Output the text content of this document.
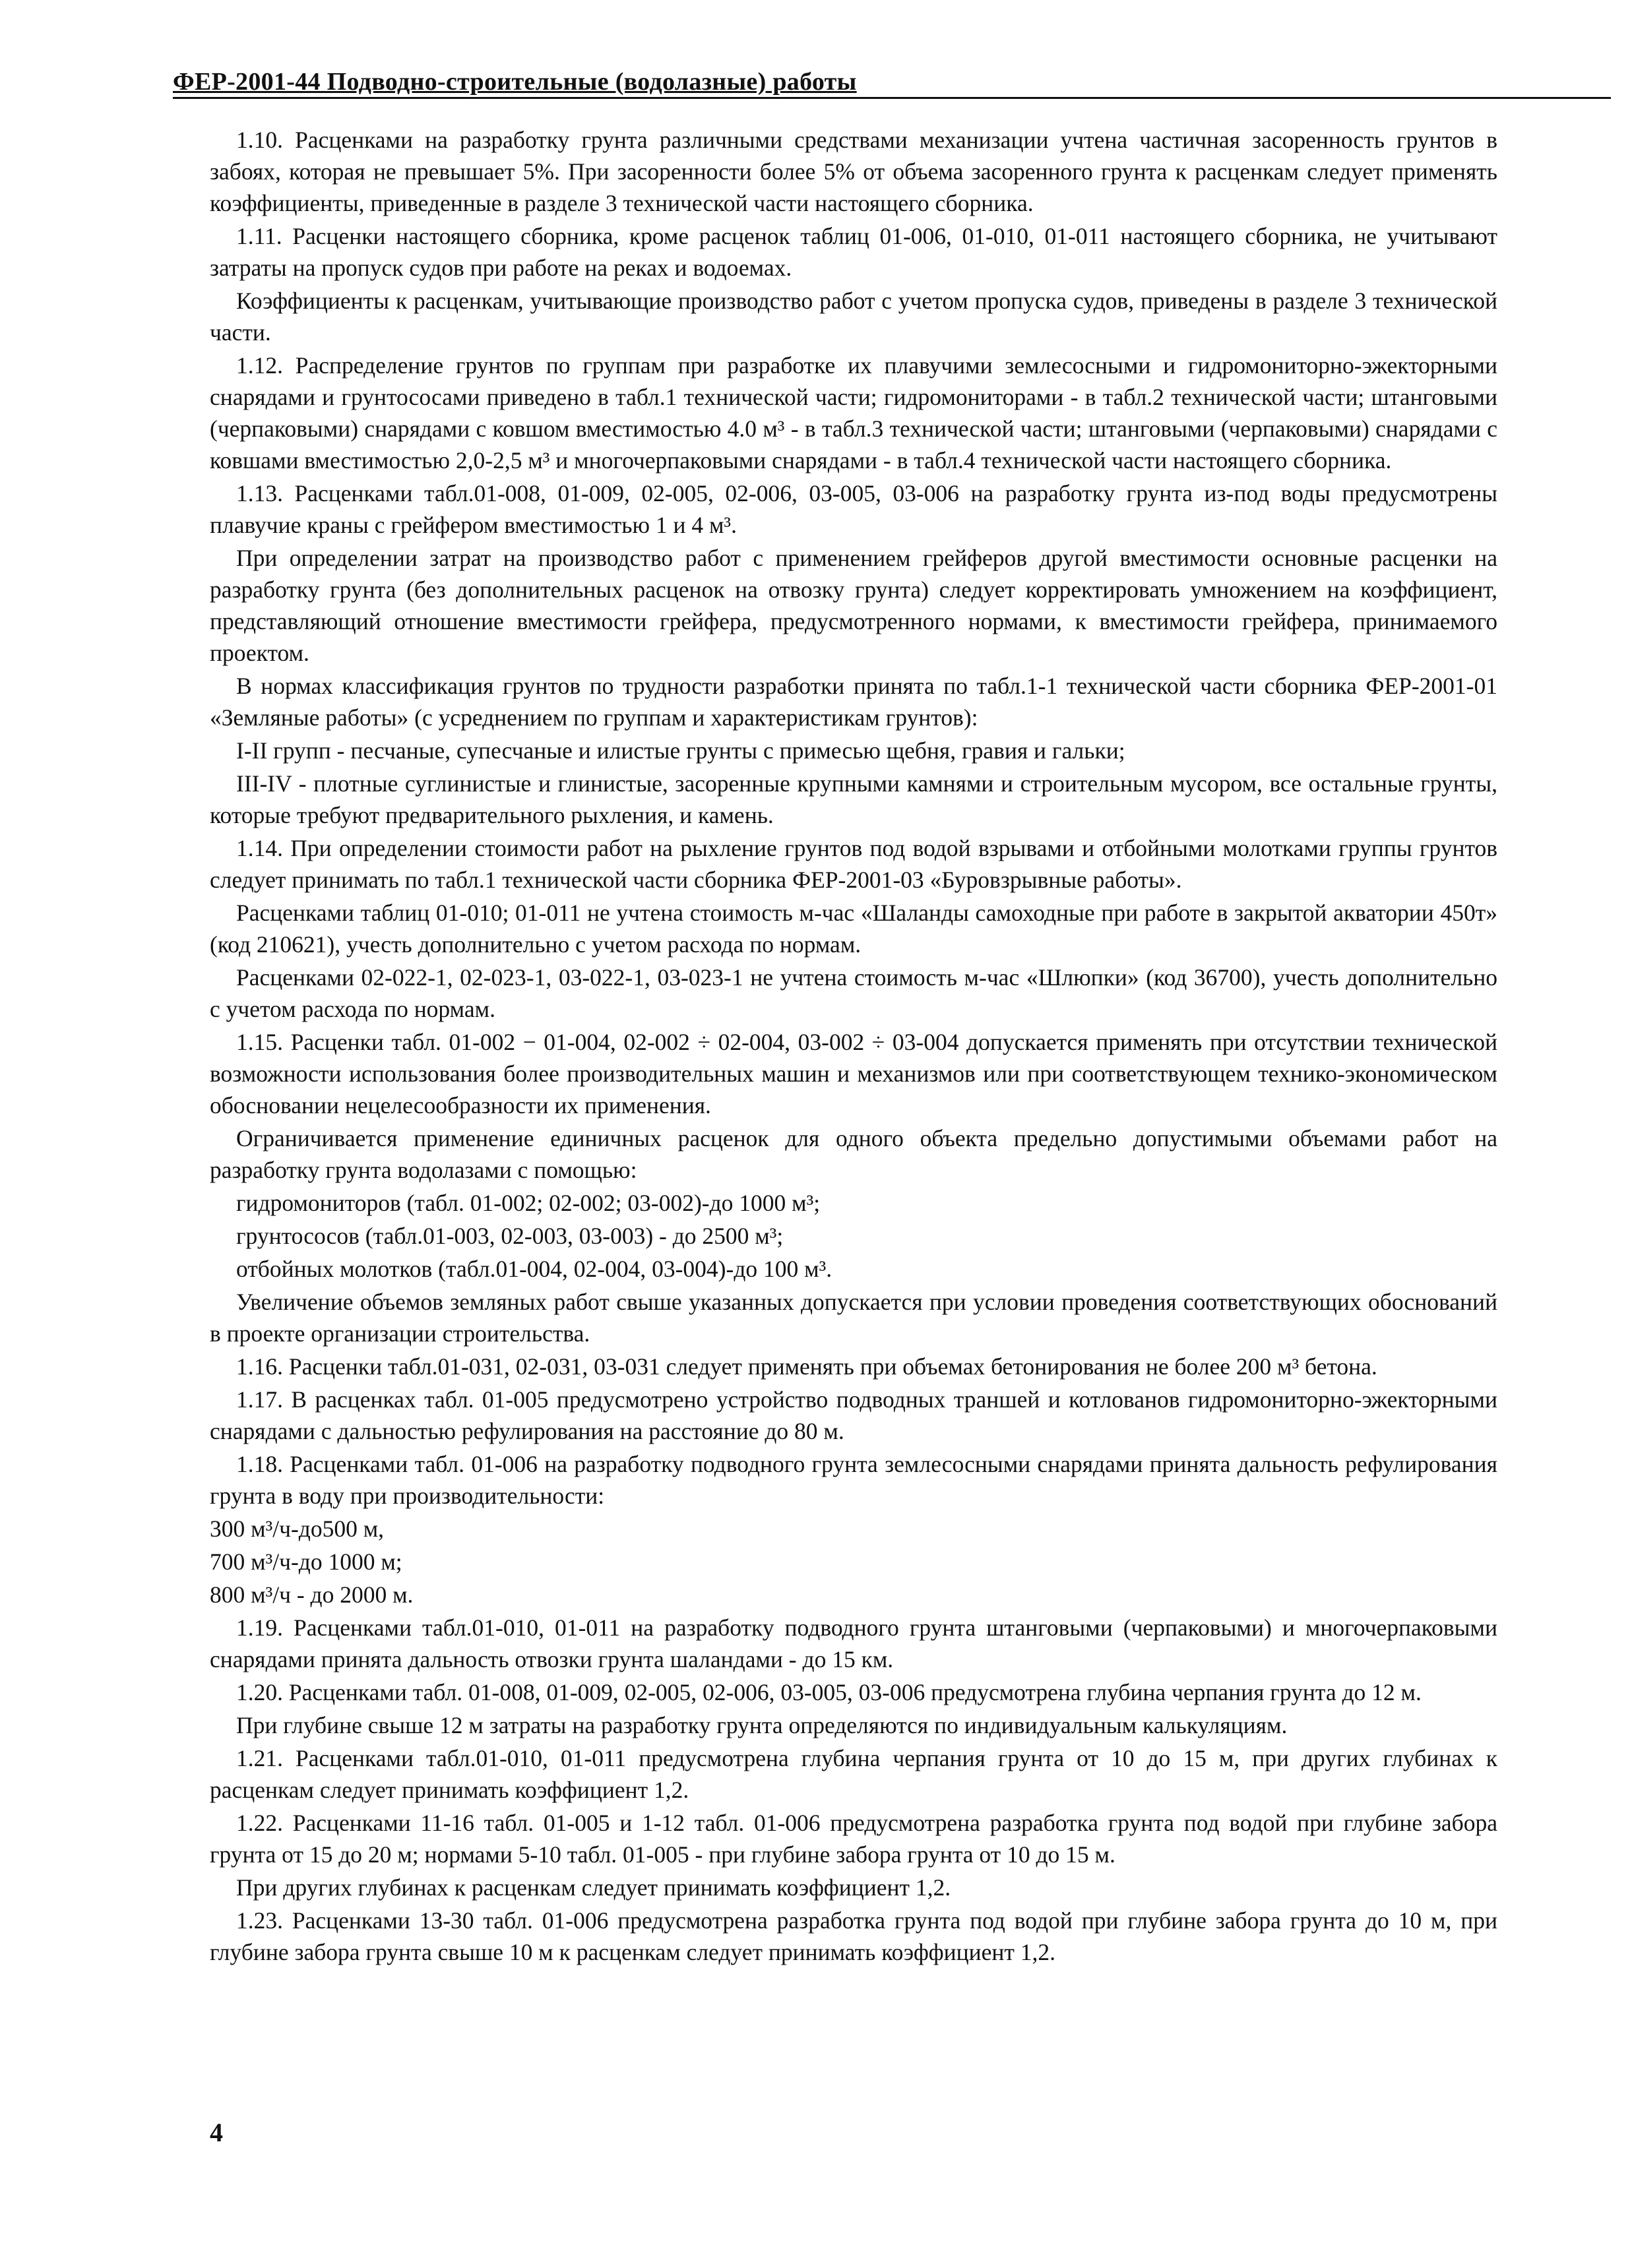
ФЕР-2001-44 Подводно-строительные (водолазные) работы

1.10. Расценками на разработку грунта различными средствами механизации учтена частичная засоренность грунтов в забоях, которая не превышает 5%. При засоренности более 5% от объема засоренного грунта к расценкам следует применять коэффициенты, приведенные в разделе 3 технической части настоящего сборника.

1.11. Расценки настоящего сборника, кроме расценок таблиц 01-006, 01-010, 01-011 настоящего сборника, не учитывают затраты на пропуск судов при работе на реках и водоемах.

Коэффициенты к расценкам, учитывающие производство работ с учетом пропуска судов, приведены в разделе 3 технической части.

1.12. Распределение грунтов по группам при разработке их плавучими землесосными и гидромониторно-эжекторными снарядами и грунтососами приведено в табл.1 технической части; гидромониторами - в табл.2 технической части; штанговыми (черпаковыми) снарядами с ковшом вместимостью 4.0 м³ - в табл.3 технической части; штанговыми (черпаковыми) снарядами с ковшами вместимостью 2,0-2,5 м³ и многочерпаковыми снарядами - в табл.4 технической части настоящего сборника.

1.13. Расценками табл.01-008, 01-009, 02-005, 02-006, 03-005, 03-006 на разработку грунта из-под воды предусмотрены плавучие краны с грейфером вместимостью 1 и 4 м³.

При определении затрат на производство работ с применением грейферов другой вместимости основные расценки на разработку грунта (без дополнительных расценок на отвозку грунта) следует корректировать умножением на коэффициент, представляющий отношение вместимости грейфера, предусмотренного нормами, к вместимости грейфера, принимаемого проектом.

В нормах классификация грунтов по трудности разработки принята по табл.1-1 технической части сборника ФЕР-2001-01 «Земляные работы» (с усреднением по группам и характеристикам грунтов):

I-II групп - песчаные, супесчаные и илистые грунты с примесью щебня, гравия и гальки;

III-IV - плотные суглинистые и глинистые, засоренные крупными камнями и строительным мусором, все остальные грунты, которые требуют предварительного рыхления, и камень.

1.14. При определении стоимости работ на рыхление грунтов под водой взрывами и отбойными молотками группы грунтов следует принимать по табл.1 технической части сборника ФЕР-2001-03 «Буровзрывные работы».

Расценками таблиц 01-010; 01-011 не учтена стоимость м-час «Шаланды самоходные при работе в закрытой акватории 450т» (код 210621), учесть дополнительно с учетом расхода по нормам.

Расценками 02-022-1, 02-023-1, 03-022-1, 03-023-1 не учтена стоимость м-час «Шлюпки» (код 36700), учесть дополнительно с учетом расхода по нормам.

1.15. Расценки табл. 01-002 − 01-004, 02-002 ÷ 02-004, 03-002 ÷ 03-004 допускается применять при отсутствии технической возможности использования более производительных машин и механизмов или при соответствующем технико-экономическом обосновании нецелесообразности их применения.

Ограничивается применение единичных расценок для одного объекта предельно допустимыми объемами работ на разработку грунта водолазами с помощью:

гидромониторов (табл. 01-002; 02-002; 03-002)-до 1000 м³;

грунтососов (табл.01-003, 02-003, 03-003) - до 2500 м³;

отбойных молотков (табл.01-004, 02-004, 03-004)-до 100 м³.

Увеличение объемов земляных работ свыше указанных допускается при условии проведения соответствующих обоснований в проекте организации строительства.

1.16. Расценки табл.01-031, 02-031, 03-031 следует применять при объемах бетонирования не более 200 м³ бетона.

1.17. В расценках табл. 01-005 предусмотрено устройство подводных траншей и котлованов гидромониторно-эжекторными снарядами с дальностью рефулирования на расстояние до 80 м.

1.18. Расценками табл. 01-006 на разработку подводного грунта землесосными снарядами принята дальность рефулирования грунта в воду при производительности:

300 м³/ч-до500 м,

700 м³/ч-до 1000 м;

800 м³/ч - до 2000 м.

1.19. Расценками табл.01-010, 01-011 на разработку подводного грунта штанговыми (черпаковыми) и многочерпаковыми снарядами принята дальность отвозки грунта шаландами - до 15 км.

1.20. Расценками табл. 01-008, 01-009, 02-005, 02-006, 03-005, 03-006 предусмотрена глубина черпания грунта до 12 м.

При глубине свыше 12 м затраты на разработку грунта определяются по индивидуальным калькуляциям.

1.21. Расценками табл.01-010, 01-011 предусмотрена глубина черпания грунта от 10 до 15 м, при других глубинах к расценкам следует принимать коэффициент 1,2.

1.22. Расценками 11-16 табл. 01-005 и 1-12 табл. 01-006 предусмотрена разработка грунта под водой при глубине забора грунта от 15 до 20 м; нормами 5-10 табл. 01-005 - при глубине забора грунта от 10 до 15 м.

При других глубинах к расценкам следует принимать коэффициент 1,2.

1.23. Расценками 13-30 табл. 01-006 предусмотрена разработка грунта под водой при глубине забора грунта до 10 м, при глубине забора грунта свыше 10 м к расценкам следует принимать коэффициент 1,2.

4
